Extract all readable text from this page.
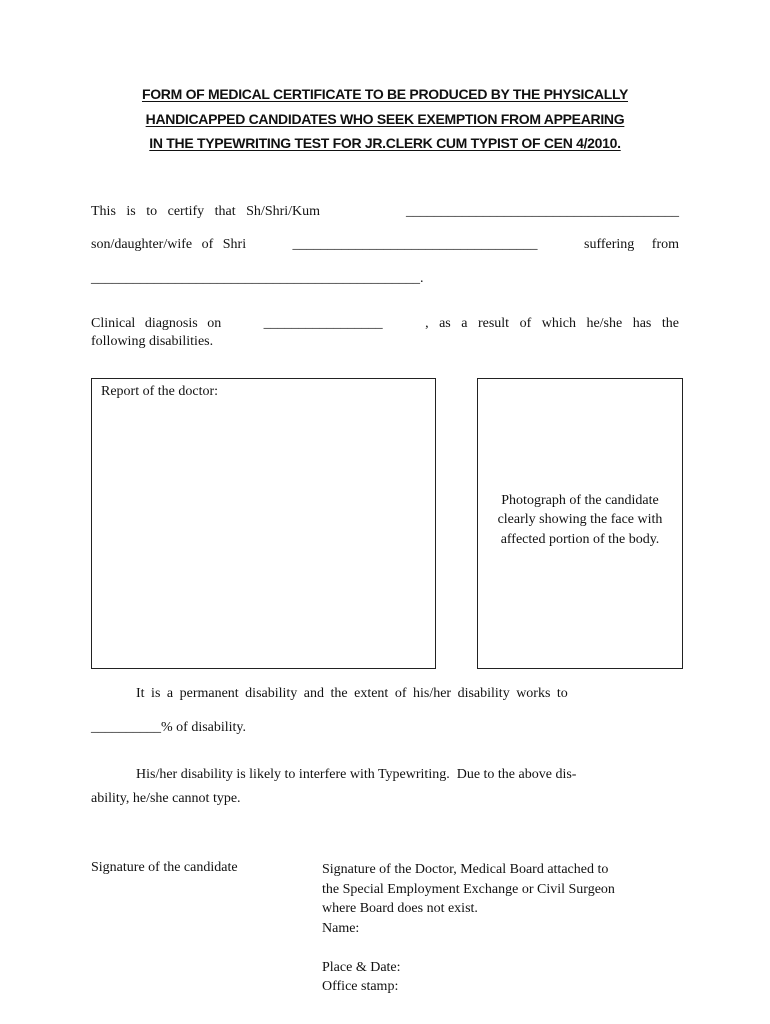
FORM OF MEDICAL CERTIFICATE TO BE PRODUCED BY THE PHYSICALLY
HANDICAPPED CANDIDATES WHO SEEK EXEMPTION FROM APPEARING
IN THE TYPEWRITING TEST FOR JR.CLERK CUM TYPIST OF CEN 4/2010.
This is to certify that Sh/Shri/Kum	_______________________________________
son/daughter/wife of Shri	___________________________________	suffering from
_______________________________________________.
Clinical diagnosis on	_________________	, as a result of which he/she has the
following disabilities.
Report of the doctor:
Photograph of the candidate clearly showing the face with affected portion of the body.
It is a permanent disability and the extent of his/her disability works to
__________% of disability.
His/her disability is likely to interfere with Typewriting.  Due to the above dis-
ability, he/she cannot type.
Signature of the candidate	Signature of the Doctor, Medical Board attached to
the Special Employment Exchange or Civil Surgeon
where Board does not exist.
Name:
Place & Date:
Office stamp:
